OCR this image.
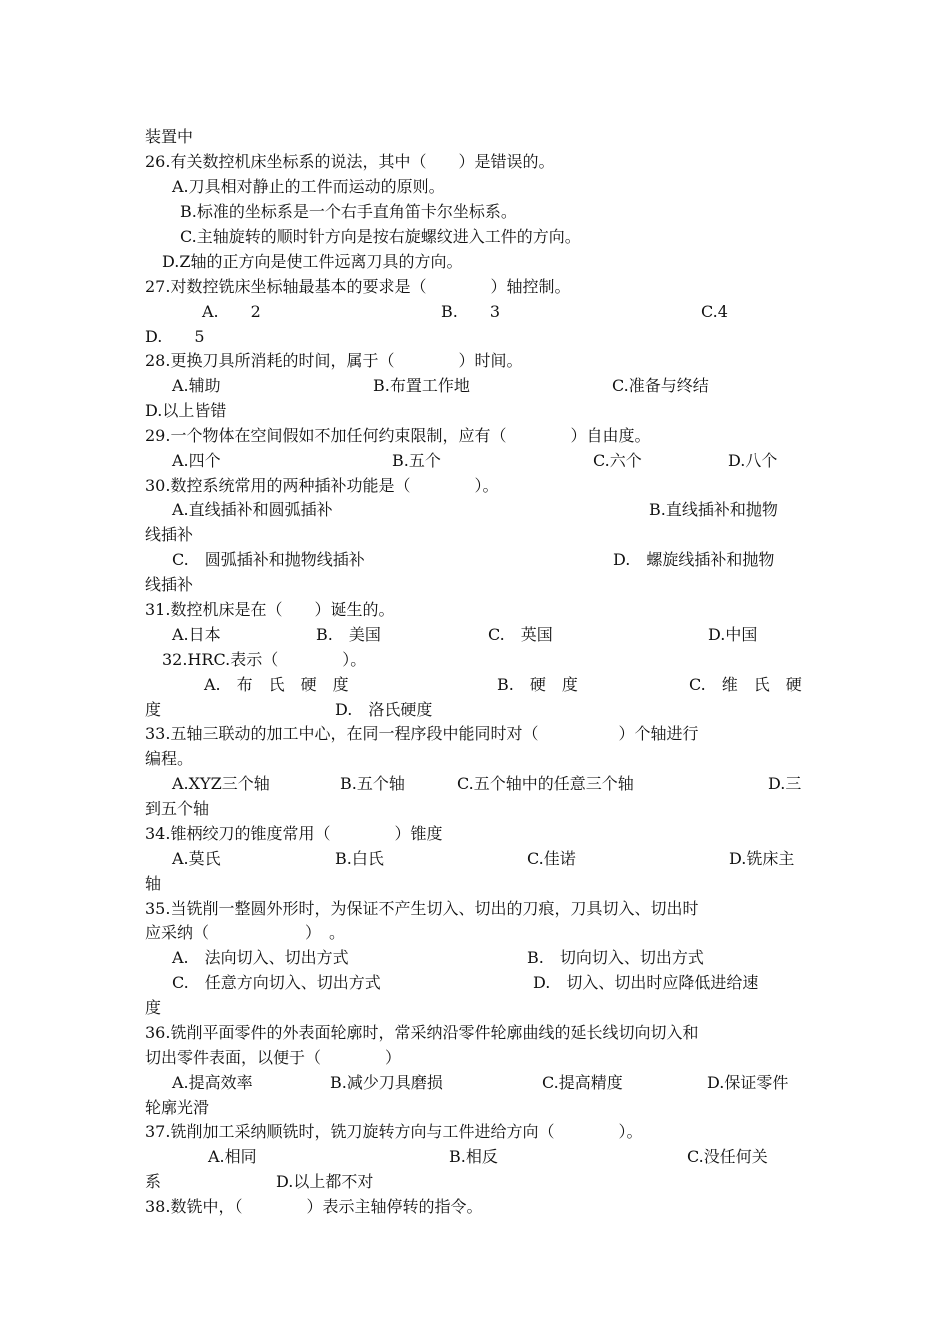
装置中
26.有关数控机床坐标系的说法，其中（　　）是错误的。
A.刀具相对静止的工件而运动的原则。
B.标准的坐标系是一个右手直角笛卡尔坐标系。
C.主轴旋转的顺时针方向是按右旋螺纹进入工件的方向。
D.Z轴的正方向是使工件远离刀具的方向。
27.对数控铣床坐标轴最基本的要求是（　　　　）轴控制。
A.　　2	B.　　3	C.4
D.　　5
28.更换刀具所消耗的时间，属于（　　　　）时间。
A.辅助	B.布置工作地	C.准备与终结
D.以上皆错
29.一个物体在空间假如不加任何约束限制，应有（　　　　）自由度。
A.四个	B.五个	C.六个	D.八个
30.数控系统常用的两种插补功能是（　　　　）。
A.直线插补和圆弧插补	B.直线插补和抛物
线插补
C.　圆弧插补和抛物线插补	D.　螺旋线插补和抛物
线插补
31.数控机床是在（　　）诞生的。
A.日本	B.　美国	C.　英国	D.中国
32.HRC.表示（　　　　）。
A.　布　氏　硬　度	B.　硬　度	C.　维　氏　硬
度	D.　洛氏硬度
33.五轴三联动的加工中心，在同一程序段中能同时对（　　　　　）个轴进行
编程。
A.XYZ三个轴	B.五个轴	C.五个轴中的任意三个轴	D.三
到五个轴
34.锥柄绞刀的锥度常用（　　　　）锥度
A.莫氏	B.白氏	C.佳诺	D.铣床主
轴
35.当铣削一整圆外形时，为保证不产生切入、切出的刀痕，刀具切入、切出时
应采纳（　　　　　　）　。
A.　法向切入、切出方式	B.　切向切入、切出方式
C.　任意方向切入、切出方式	D.　切入、切出时应降低进给速
度
36.铣削平面零件的外表面轮廓时，常采纳沿零件轮廓曲线的延长线切向切入和
切出零件表面，以便于（　　　　）
A.提高效率	B.减少刀具磨损	C.提高精度	D.保证零件
轮廓光滑
37.铣削加工采纳顺铣时，铣刀旋转方向与工件进给方向（　　　　）。
A.相同	B.相反	C.没任何关
系	D.以上都不对
38.数铣中，（　　　　）表示主轴停转的指令。
